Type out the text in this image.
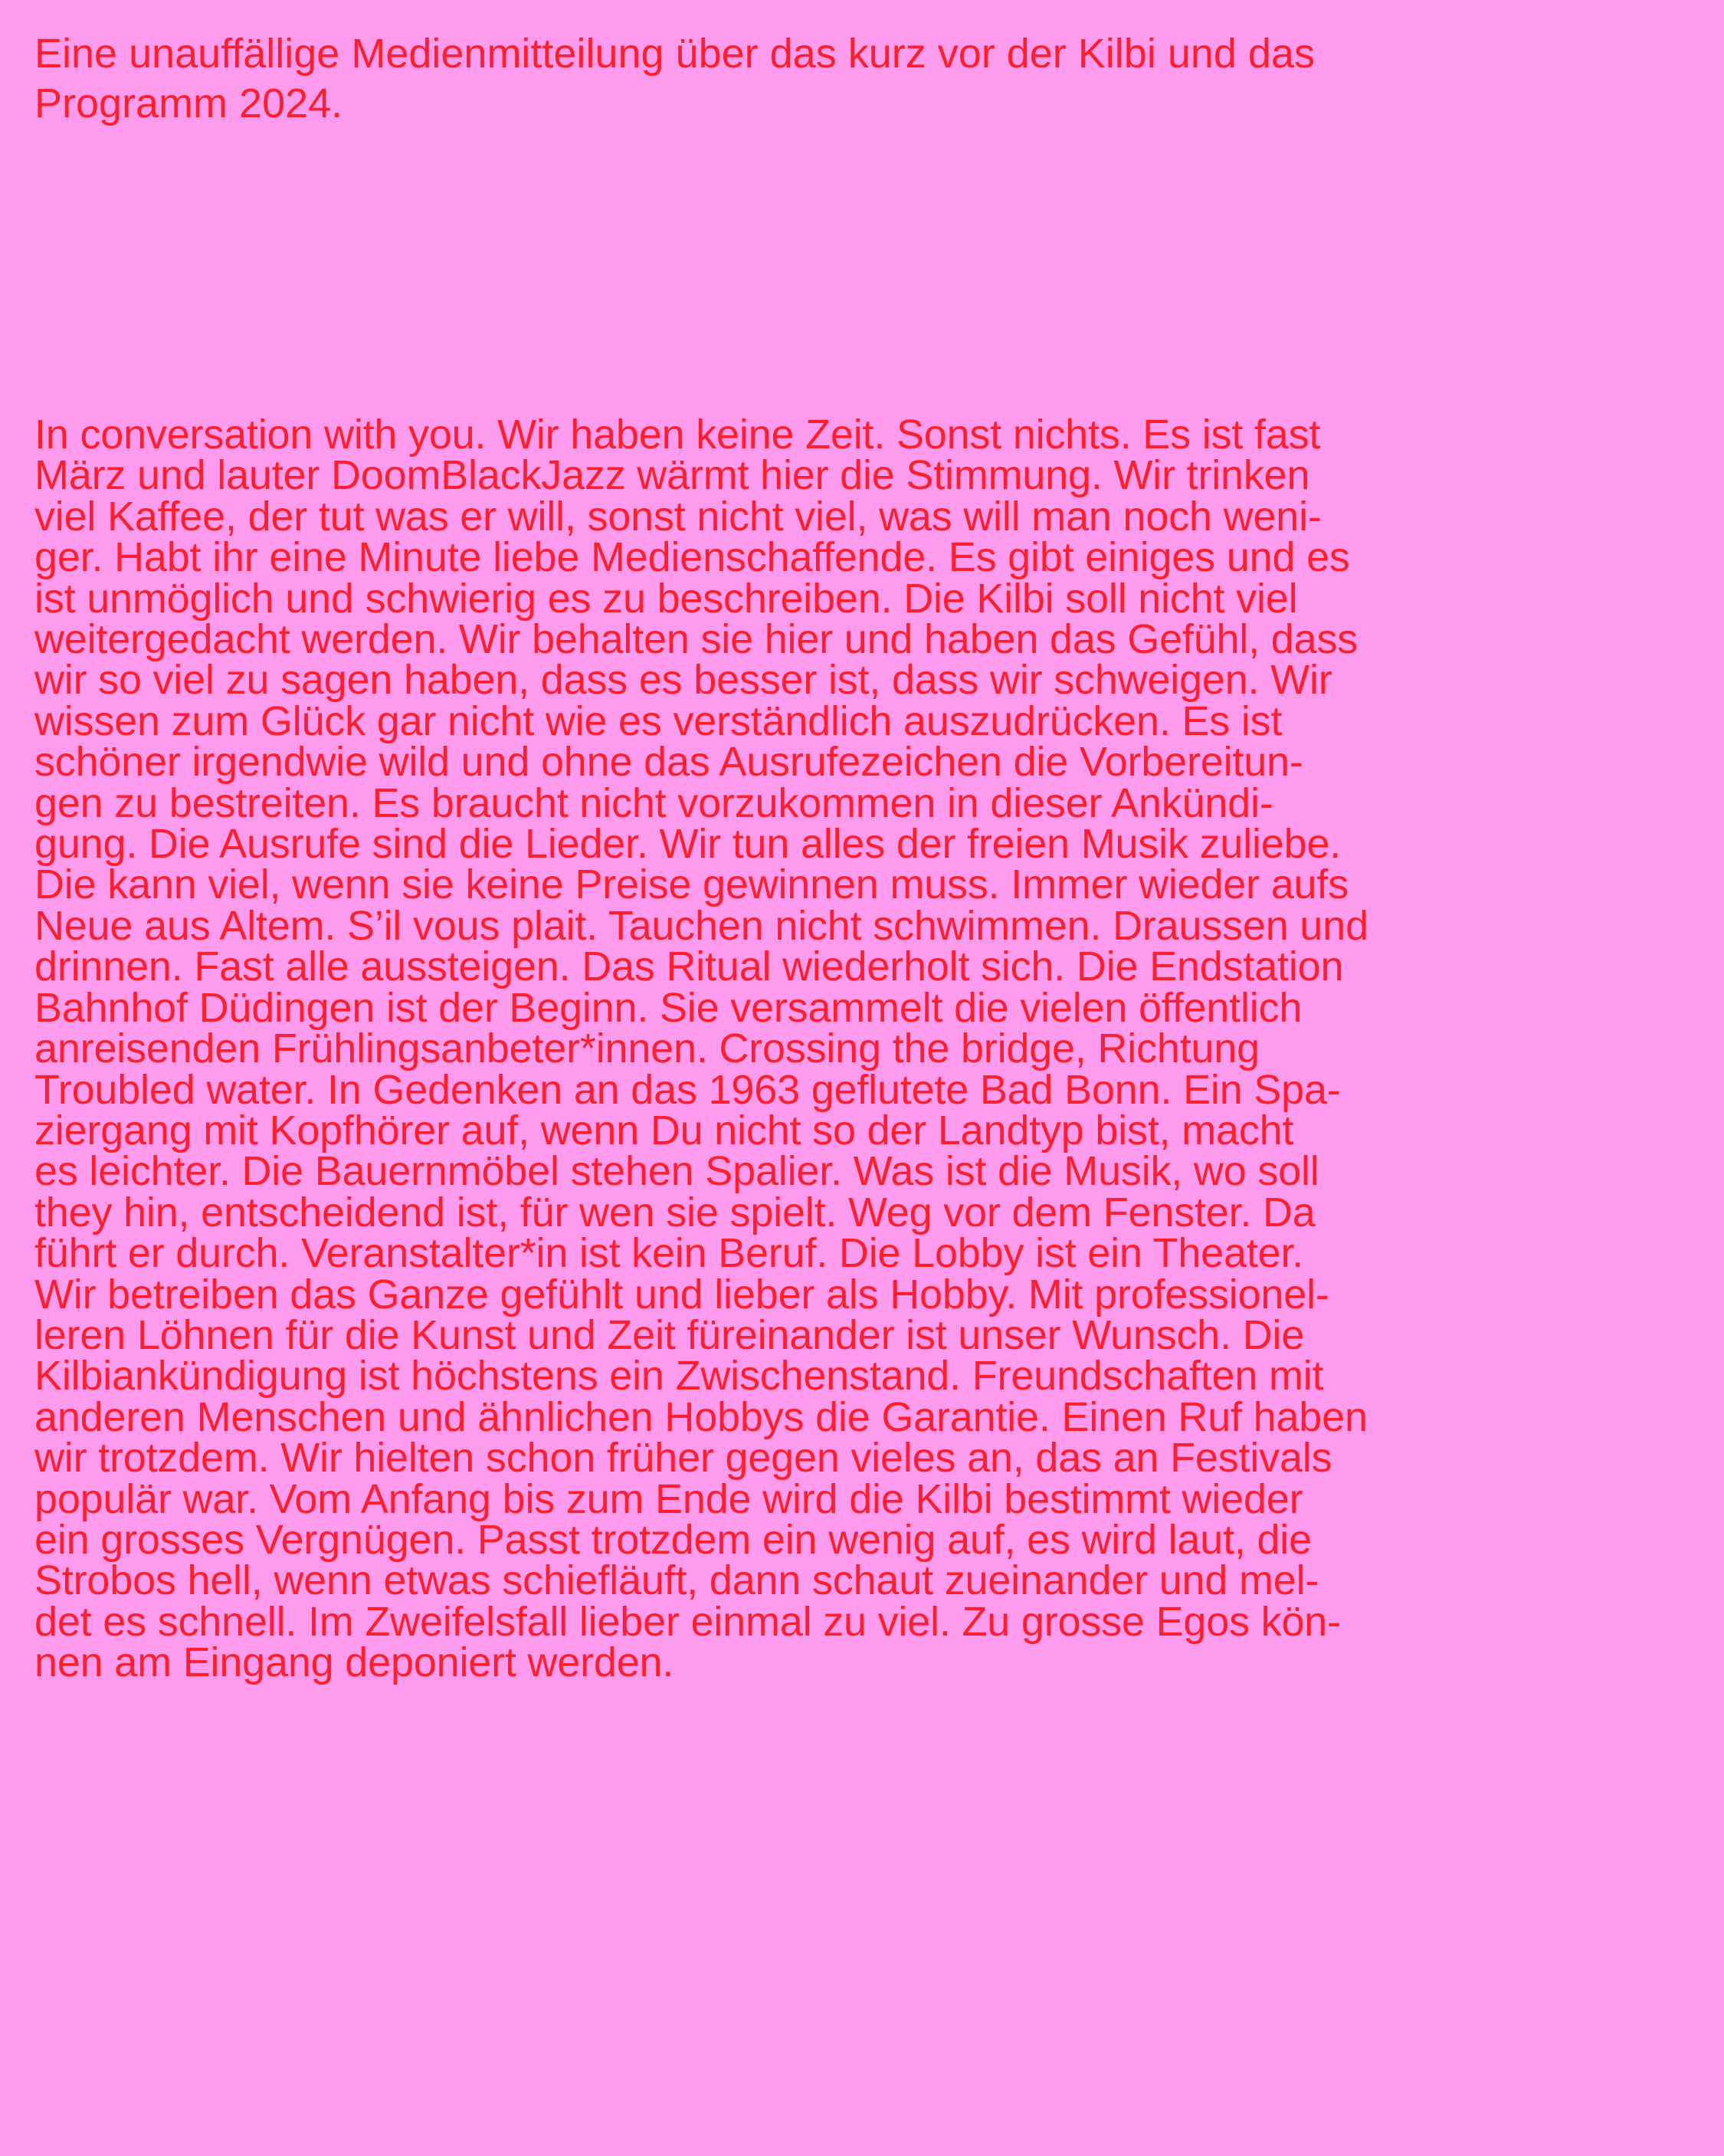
Eine unauffällige Medienmitteilung über das kurz vor der Kilbi und das
Programm 2024.
In conversation with you. Wir haben keine Zeit. Sonst nichts. Es ist fast
März und lauter DoomBlackJazz wärmt hier die Stimmung. Wir trinken
viel Kaffee, der tut was er will, sonst nicht viel, was will man noch weni-
ger. Habt ihr eine Minute liebe Medienschaffende. Es gibt einiges und es
ist unmöglich und schwierig es zu beschreiben. Die Kilbi soll nicht viel
weitergedacht werden. Wir behalten sie hier und haben das Gefühl, dass
wir so viel zu sagen haben, dass es besser ist, dass wir schweigen. Wir
wissen zum Glück gar nicht wie es verständlich auszudrücken. Es ist
schöner irgendwie wild und ohne das Ausrufezeichen die Vorbereitun-
gen zu bestreiten. Es braucht nicht vorzukommen in dieser Ankündi-
gung. Die Ausrufe sind die Lieder. Wir tun alles der freien Musik zuliebe.
Die kann viel, wenn sie keine Preise gewinnen muss. Immer wieder aufs
Neue aus Altem. S’il vous plait. Tauchen nicht schwimmen. Draussen und
drinnen. Fast alle aussteigen. Das Ritual wiederholt sich. Die Endstation
Bahnhof Düdingen ist der Beginn. Sie versammelt die vielen öffentlich
anreisenden Frühlingsanbeter*innen. Crossing the bridge, Richtung
Troubled water. In Gedenken an das 1963 geflutete Bad Bonn. Ein Spa-
ziergang mit Kopfhörer auf, wenn Du nicht so der Landtyp bist, macht
es leichter. Die Bauernmöbel stehen Spalier. Was ist die Musik, wo soll
they hin, entscheidend ist, für wen sie spielt. Weg vor dem Fenster. Da
führt er durch. Veranstalter*in ist kein Beruf. Die Lobby ist ein Theater.
Wir betreiben das Ganze gefühlt und lieber als Hobby. Mit professionel-
leren Löhnen für die Kunst und Zeit füreinander ist unser Wunsch. Die
Kilbiankündigung ist höchstens ein Zwischenstand. Freundschaften mit
anderen Menschen und ähnlichen Hobbys die Garantie. Einen Ruf haben
wir trotzdem. Wir hielten schon früher gegen vieles an, das an Festivals
populär war. Vom Anfang bis zum Ende wird die Kilbi bestimmt wieder
ein grosses Vergnügen. Passt trotzdem ein wenig auf, es wird laut, die
Strobos hell, wenn etwas schiefläuft, dann schaut zueinander und mel-
det es schnell. Im Zweifelsfall lieber einmal zu viel. Zu grosse Egos kön-
nen am Eingang deponiert werden.
